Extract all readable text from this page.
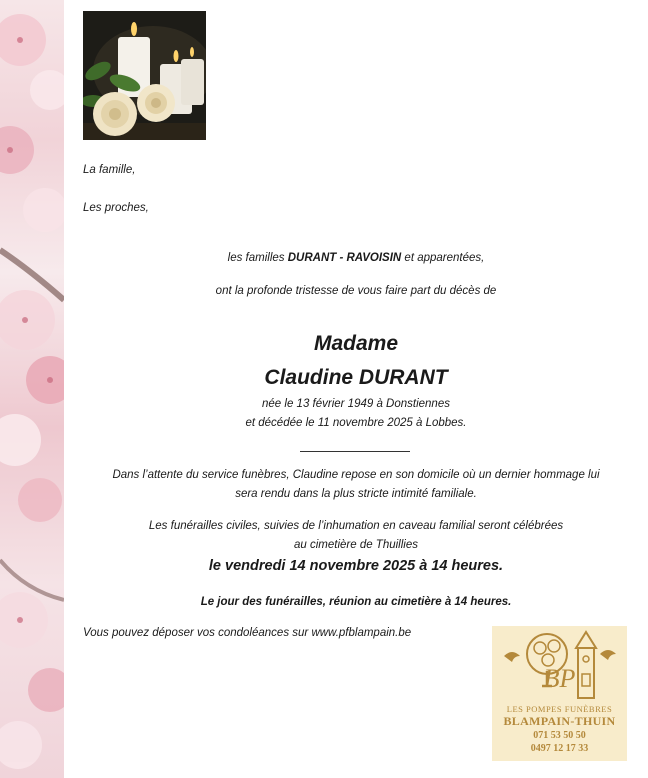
La famille,
Les proches,
les familles DURANT - RAVOISIN et apparentées,
ont la profonde tristesse de vous faire part du décès de
Madame
Claudine DURANT
née le 13 février 1949 à Donstiennes
et décédée le 11 novembre 2025 à Lobbes.
Dans l’attente du service funèbres, Claudine repose en son domicile où un dernier hommage lui
sera rendu dans la plus stricte intimité familiale.
Les funérailles civiles, suivies de l’inhumation en caveau familial seront célébrées
au cimetière de Thuillies
le vendredi 14 novembre 2025 à 14 heures.
Le jour des funérailles, réunion au cimetière à 14 heures.
Vous pouvez déposer vos condoléances sur www.pfblampain.be
BP
LES POMPES FUNÈBRES
BLAMPAIN-THUIN
071 53 50 50
0497 12 17 33
